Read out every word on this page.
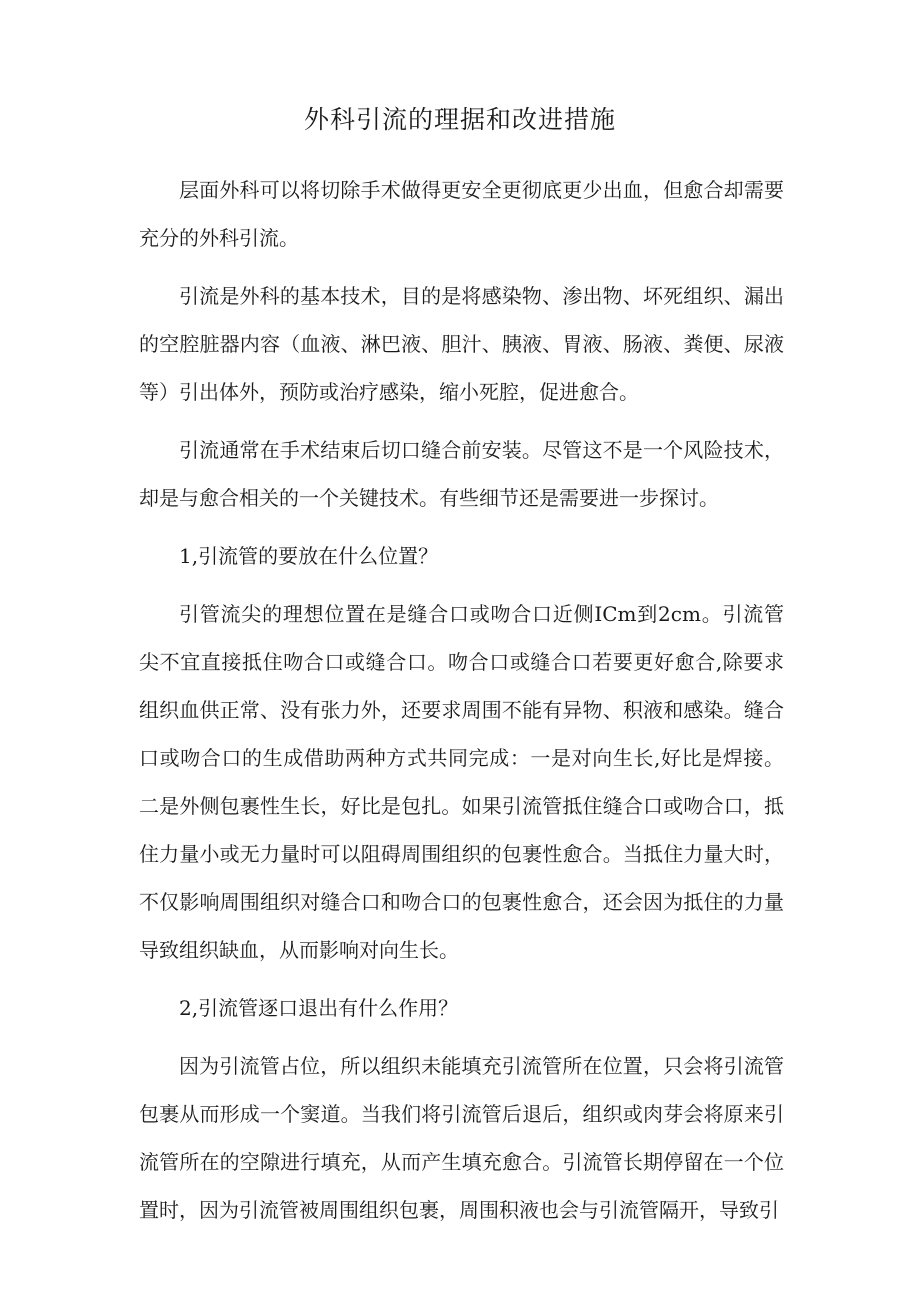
外科引流的理据和改进措施

层面外科可以将切除手术做得更安全更彻底更少出血，但愈合却需要充分的外科引流。

引流是外科的基本技术，目的是将感染物、渗出物、坏死组织、漏出的空腔脏器内容（血液、淋巴液、胆汁、胰液、胃液、肠液、粪便、尿液等）引出体外，预防或治疗感染，缩小死腔，促进愈合。

引流通常在手术结束后切口缝合前安装。尽管这不是一个风险技术，却是与愈合相关的一个关键技术。有些细节还是需要进一步探讨。

1,引流管的要放在什么位置？

引管流尖的理想位置在是缝合口或吻合口近侧ICm到2cm。引流管尖不宜直接抵住吻合口或缝合口。吻合口或缝合口若要更好愈合,除要求组织血供正常、没有张力外，还要求周围不能有异物、积液和感染。缝合口或吻合口的生成借助两种方式共同完成：一是对向生长,好比是焊接。二是外侧包裹性生长，好比是包扎。如果引流管抵住缝合口或吻合口，抵住力量小或无力量时可以阻碍周围组织的包裹性愈合。当抵住力量大时，不仅影响周围组织对缝合口和吻合口的包裹性愈合，还会因为抵住的力量导致组织缺血，从而影响对向生长。

2,引流管逐口退出有什么作用？

因为引流管占位，所以组织未能填充引流管所在位置，只会将引流管包裹从而形成一个窦道。当我们将引流管后退后，组织或肉芽会将原来引流管所在的空隙进行填充，从而产生填充愈合。引流管长期停留在一个位置时，因为引流管被周围组织包裹，周围积液也会与引流管隔开，导致引
